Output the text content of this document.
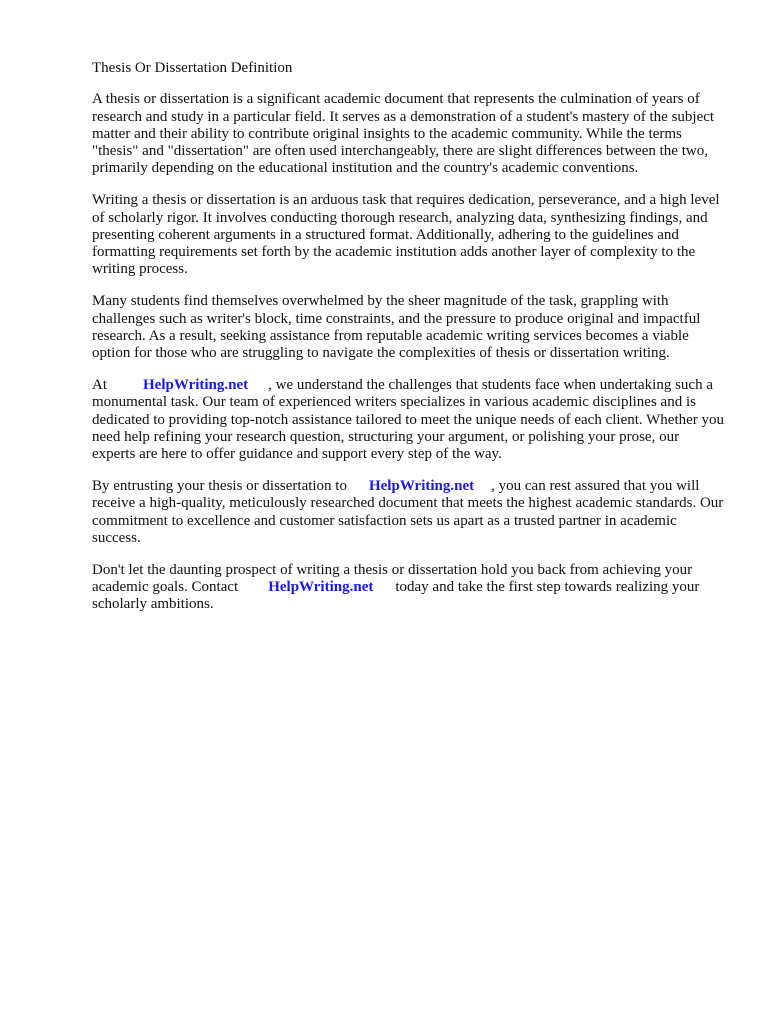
Thesis Or Dissertation Definition

A thesis or dissertation is a significant academic document that represents the culmination of years of research and study in a particular field. It serves as a demonstration of a student's mastery of the subject matter and their ability to contribute original insights to the academic community. While the terms "thesis" and "dissertation" are often used interchangeably, there are slight differences between the two, primarily depending on the educational institution and the country's academic conventions.

Writing a thesis or dissertation is an arduous task that requires dedication, perseverance, and a high level of scholarly rigor. It involves conducting thorough research, analyzing data, synthesizing findings, and presenting coherent arguments in a structured format. Additionally, adhering to the guidelines and formatting requirements set forth by the academic institution adds another layer of complexity to the writing process.

Many students find themselves overwhelmed by the sheer magnitude of the task, grappling with challenges such as writer's block, time constraints, and the pressure to produce original and impactful research. As a result, seeking assistance from reputable academic writing services becomes a viable option for those who are struggling to navigate the complexities of thesis or dissertation writing.

At HelpWriting.net , we understand the challenges that students face when undertaking such a monumental task. Our team of experienced writers specializes in various academic disciplines and is dedicated to providing top-notch assistance tailored to meet the unique needs of each client. Whether you need help refining your research question, structuring your argument, or polishing your prose, our experts are here to offer guidance and support every step of the way.

By entrusting your thesis or dissertation to HelpWriting.net , you can rest assured that you will receive a high-quality, meticulously researched document that meets the highest academic standards. Our commitment to excellence and customer satisfaction sets us apart as a trusted partner in academic success.

Don't let the daunting prospect of writing a thesis or dissertation hold you back from achieving your academic goals. Contact HelpWriting.net today and take the first step towards realizing your scholarly ambitions.
